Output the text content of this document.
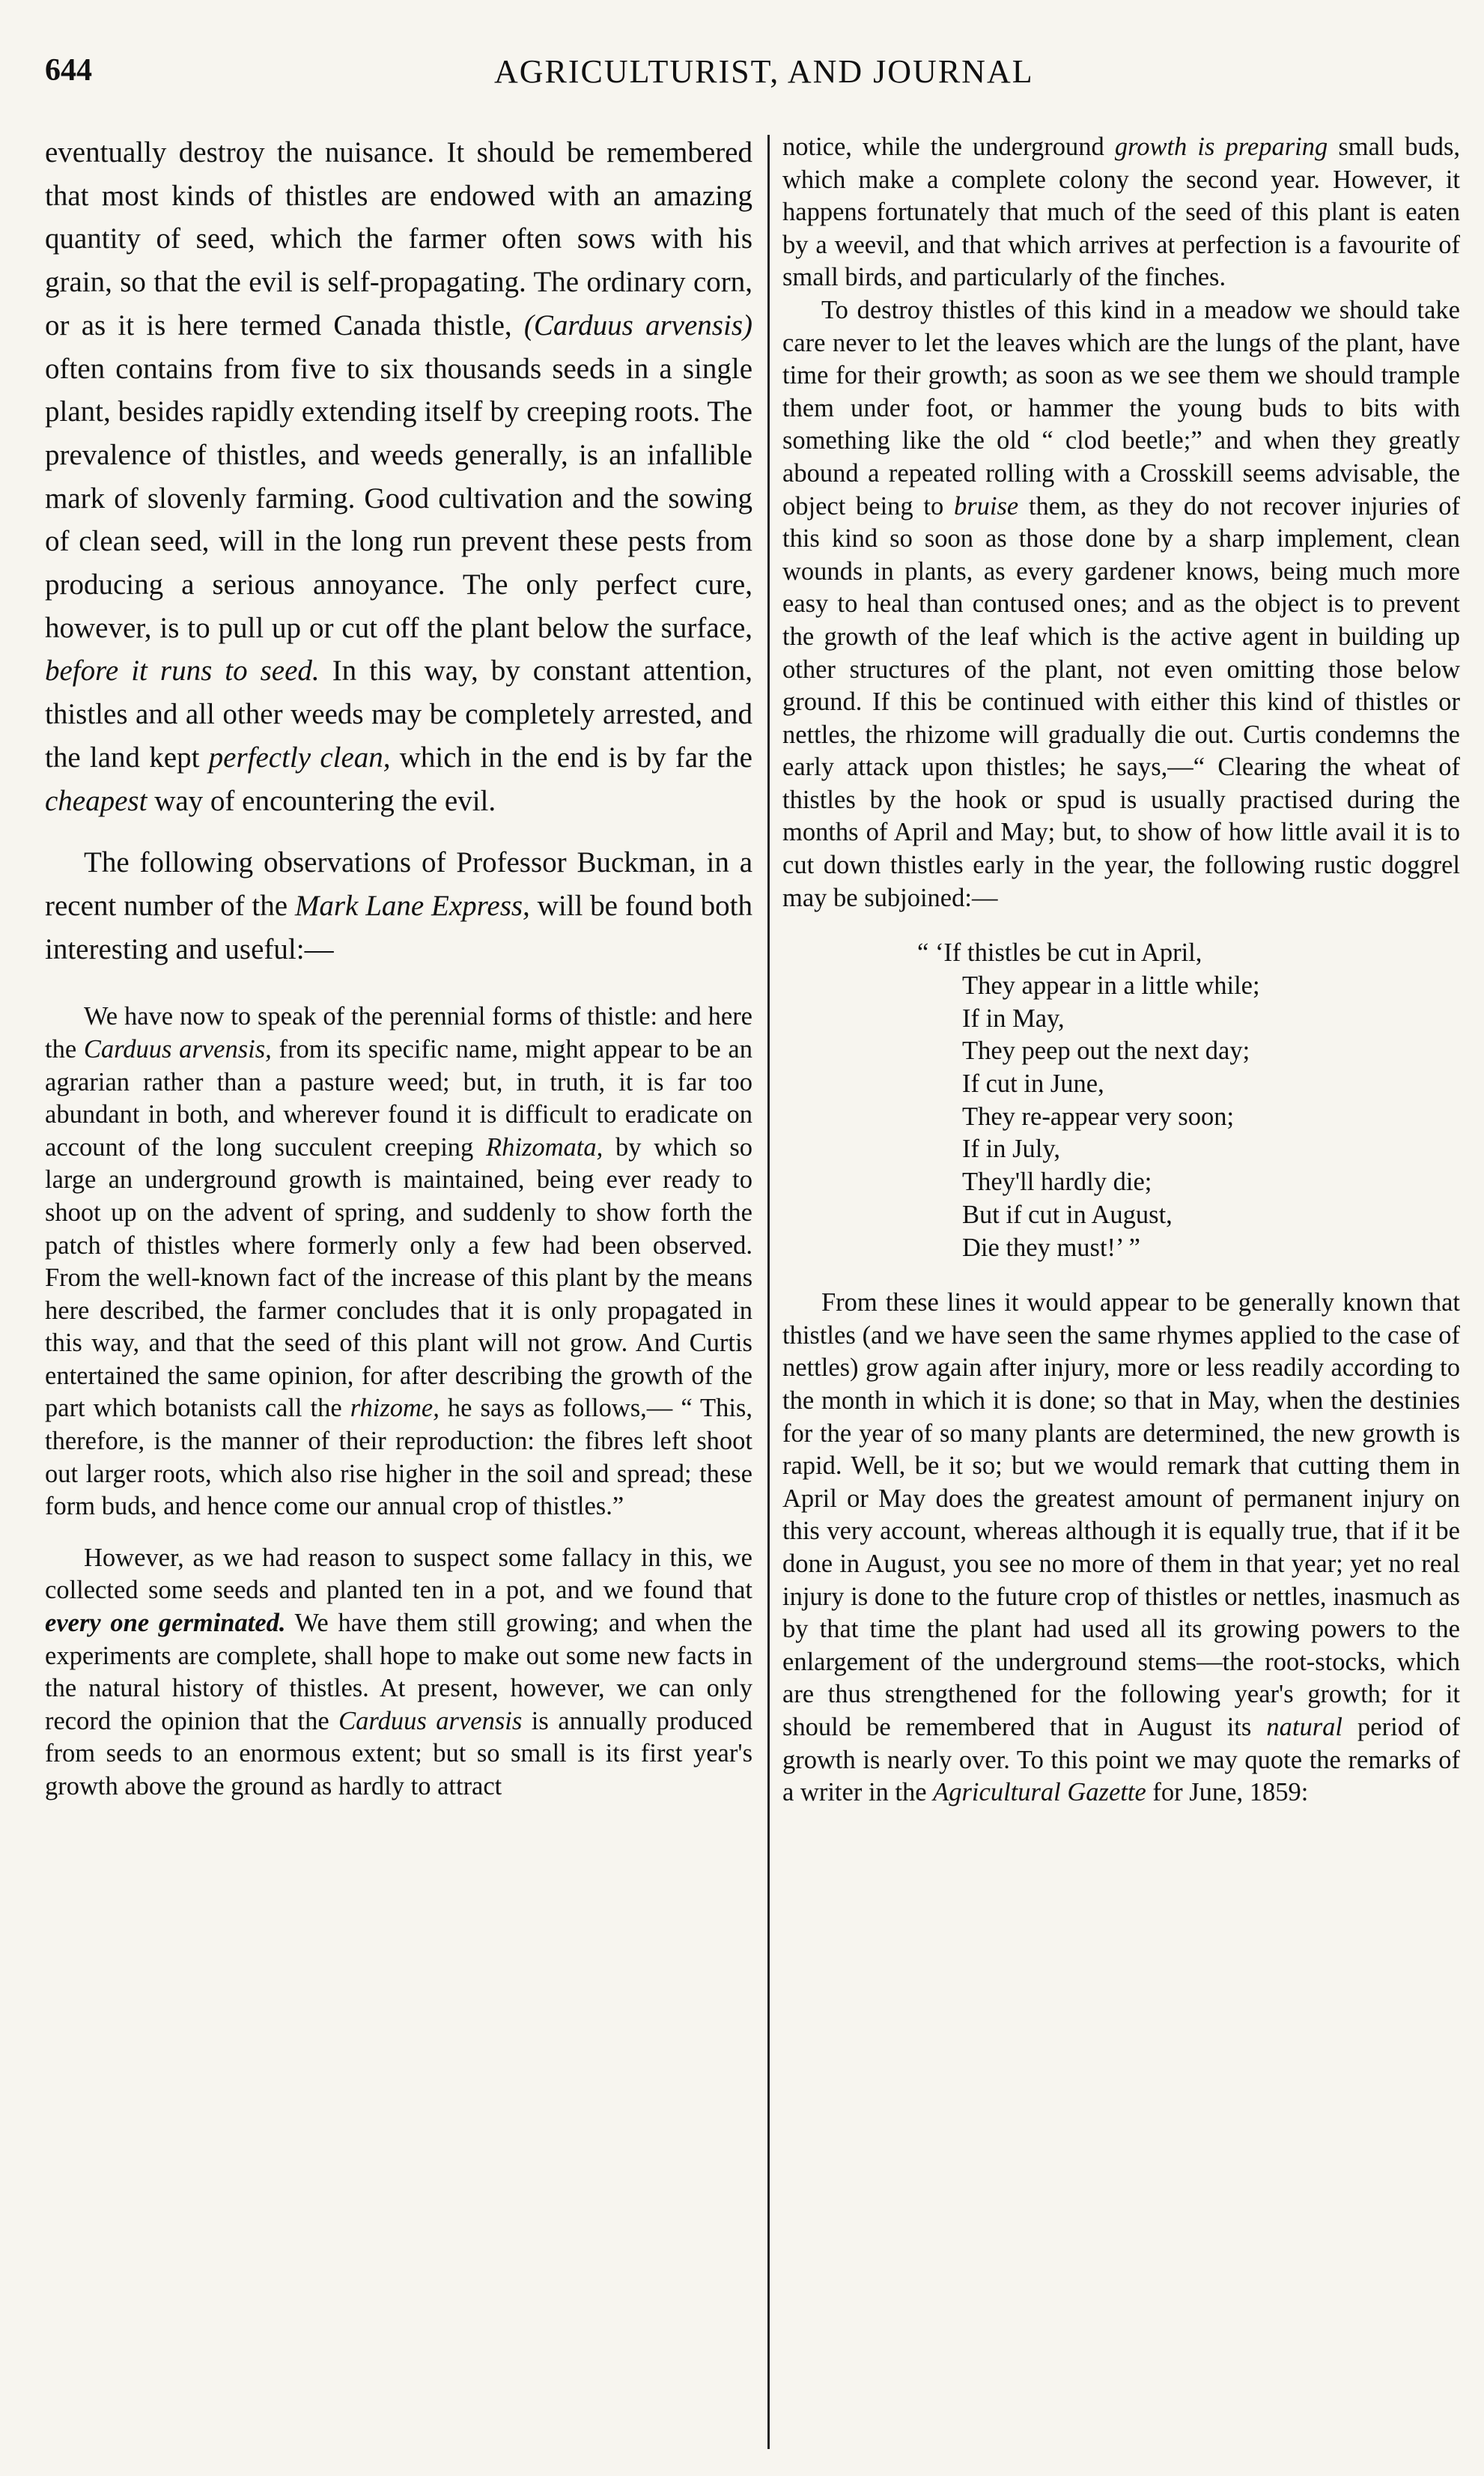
644	AGRICULTURIST, AND JOURNAL

eventually destroy the nuisance. It should be remembered that most kinds of thistles are endowed with an amazing quantity of seed, which the farmer often sows with his grain, so that the evil is self-propagating. The ordinary corn, or as it is here termed Canada thistle, (Carduus arvensis) often contains from five to six thousands seeds in a single plant, besides rapidly extending itself by creeping roots. The prevalence of thistles, and weeds generally, is an infallible mark of slovenly farming. Good cultivation and the sowing of clean seed, will in the long run prevent these pests from producing a serious annoyance. The only perfect cure, however, is to pull up or cut off the plant below the surface, before it runs to seed. In this way, by constant attention, thistles and all other weeds may be completely arrested, and the land kept perfectly clean, which in the end is by far the cheapest way of encountering the evil.

The following observations of Professor Buckman, in a recent number of the Mark Lane Express, will be found both interesting and useful:—

We have now to speak of the perennial forms of thistle: and here the Carduus arvensis, from its specific name, might appear to be an agrarian rather than a pasture weed; but, in truth, it is far too abundant in both, and wherever found it is difficult to eradicate on account of the long succulent creeping Rhizomata, by which so large an underground growth is maintained, being ever ready to shoot up on the advent of spring, and suddenly to show forth the patch of thistles where formerly only a few had been observed. From the well-known fact of the increase of this plant by the means here described, the farmer concludes that it is only propagated in this way, and that the seed of this plant will not grow. And Curtis entertained the same opinion, for after describing the growth of the part which botanists call the rhizome, he says as follows,— “ This, therefore, is the manner of their reproduction: the fibres left shoot out larger roots, which also rise higher in the soil and spread; these form buds, and hence come our annual crop of thistles.”

However, as we had reason to suspect some fallacy in this, we collected some seeds and planted ten in a pot, and we found that every one germinated. We have them still growing; and when the experiments are complete, shall hope to make out some new facts in the natural history of thistles. At present, however, we can only record the opinion that the Carduus arvensis is annually produced from seeds to an enormous extent; but so small is its first year's growth above the ground as hardly to attract

notice, while the underground growth is preparing small buds, which make a complete colony the second year. However, it happens fortunately that much of the seed of this plant is eaten by a weevil, and that which arrives at perfection is a favourite of small birds, and particularly of the finches.

To destroy thistles of this kind in a meadow we should take care never to let the leaves which are the lungs of the plant, have time for their growth; as soon as we see them we should trample them under foot, or hammer the young buds to bits with something like the old “ clod beetle;” and when they greatly abound a repeated rolling with a Crosskill seems advisable, the object being to bruise them, as they do not recover injuries of this kind so soon as those done by a sharp implement, clean wounds in plants, as every gardener knows, being much more easy to heal than contused ones; and as the object is to prevent the growth of the leaf which is the active agent in building up other structures of the plant, not even omitting those below ground. If this be continued with either this kind of thistles or nettles, the rhizome will gradually die out. Curtis condemns the early attack upon thistles; he says,—“ Clearing the wheat of thistles by the hook or spud is usually practised during the months of April and May; but, to show of how little avail it is to cut down thistles early in the year, the following rustic doggrel may be subjoined:—

“ ‘If thistles be cut in April,
They appear in a little while;
If in May,
They peep out the next day;
If cut in June,
They re-appear very soon;
If in July,
They'll hardly die;
But if cut in August,
Die they must!’ ”

From these lines it would appear to be generally known that thistles (and we have seen the same rhymes applied to the case of nettles) grow again after injury, more or less readily according to the month in which it is done; so that in May, when the destinies for the year of so many plants are determined, the new growth is rapid. Well, be it so; but we would remark that cutting them in April or May does the greatest amount of permanent injury on this very account, whereas although it is equally true, that if it be done in August, you see no more of them in that year; yet no real injury is done to the future crop of thistles or nettles, inasmuch as by that time the plant had used all its growing powers to the enlargement of the underground stems—the root-stocks, which are thus strengthened for the following year's growth; for it should be remembered that in August its natural period of growth is nearly over. To this point we may quote the remarks of a writer in the Agricultural Gazette for June, 1859:
